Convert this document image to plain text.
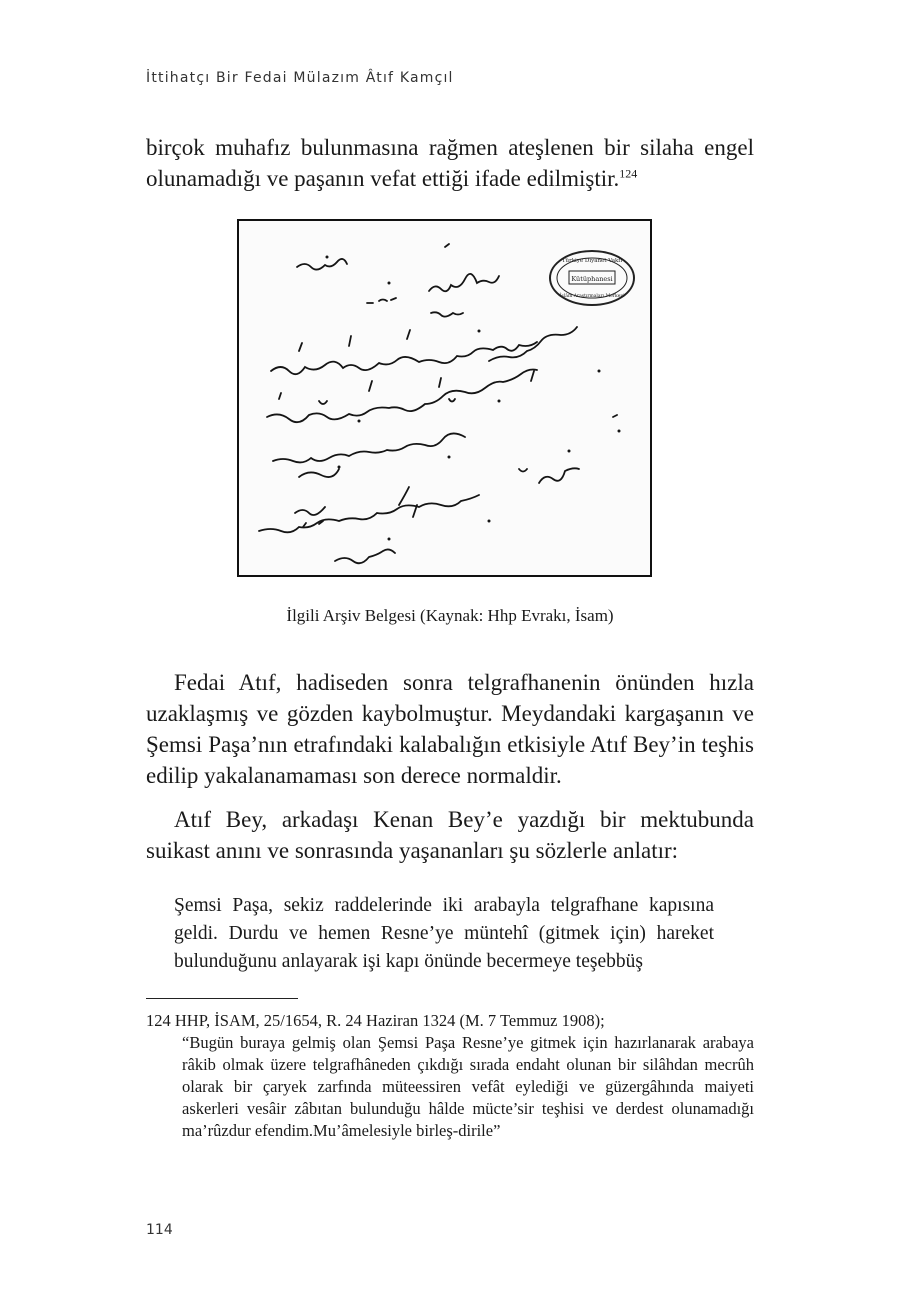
İttihatçı Bir Fedai Mülazım Âtıf Kamçıl

birçok muhafız bulunmasına rağmen ateşlenen bir silaha engel olunamadığı ve paşanın vefat ettiği ifade edilmiştir.$^{124}$

Türkiye Diyanet Vakfı
Kütüphanesi
İslâm Araştırmaları Merkezi
İlgili Arşiv Belgesi (Kaynak: Hhp Evrakı, İsam)

Fedai Atıf, hadiseden sonra telgrafhanenin önünden hızla uzaklaşmış ve gözden kaybolmuştur. Meydandaki kargaşanın ve Şemsi Paşa’nın etrafındaki kalabalığın etkisiyle Atıf Bey’in teşhis edilip yakalanamaması son derece normaldir.

Atıf Bey, arkadaşı Kenan Bey’e yazdığı bir mektubunda suikast anını ve sonrasında yaşananları şu sözlerle anlatır:

Şemsi Paşa, sekiz raddelerinde iki arabayla telgrafhane kapısına geldi. Durdu ve hemen Resne’ye müntehî (gitmek için) hareket bulunduğunu anlayarak işi kapı önünde becermeye teşebbüş

124 HHP, İSAM, 25/1654, R. 24 Haziran 1324 (M. 7 Temmuz 1908);
“Bugün buraya gelmiş olan Şemsi Paşa Resne’ye gitmek için hazırlanarak arabaya râkib olmak üzere telgrafhâneden çıkdığı sırada endaht olunan bir silâhdan mecrûh olarak bir çaryek zarfında müteessiren vefât eylediği ve güzergâhında maiyeti askerleri vesâir zâbıtan bulunduğu hâlde mücte’sir teşhisi ve derdest olunamadığı ma’rûzdur efendim.Mu’âmelesiyle birleş-dirile”
114
